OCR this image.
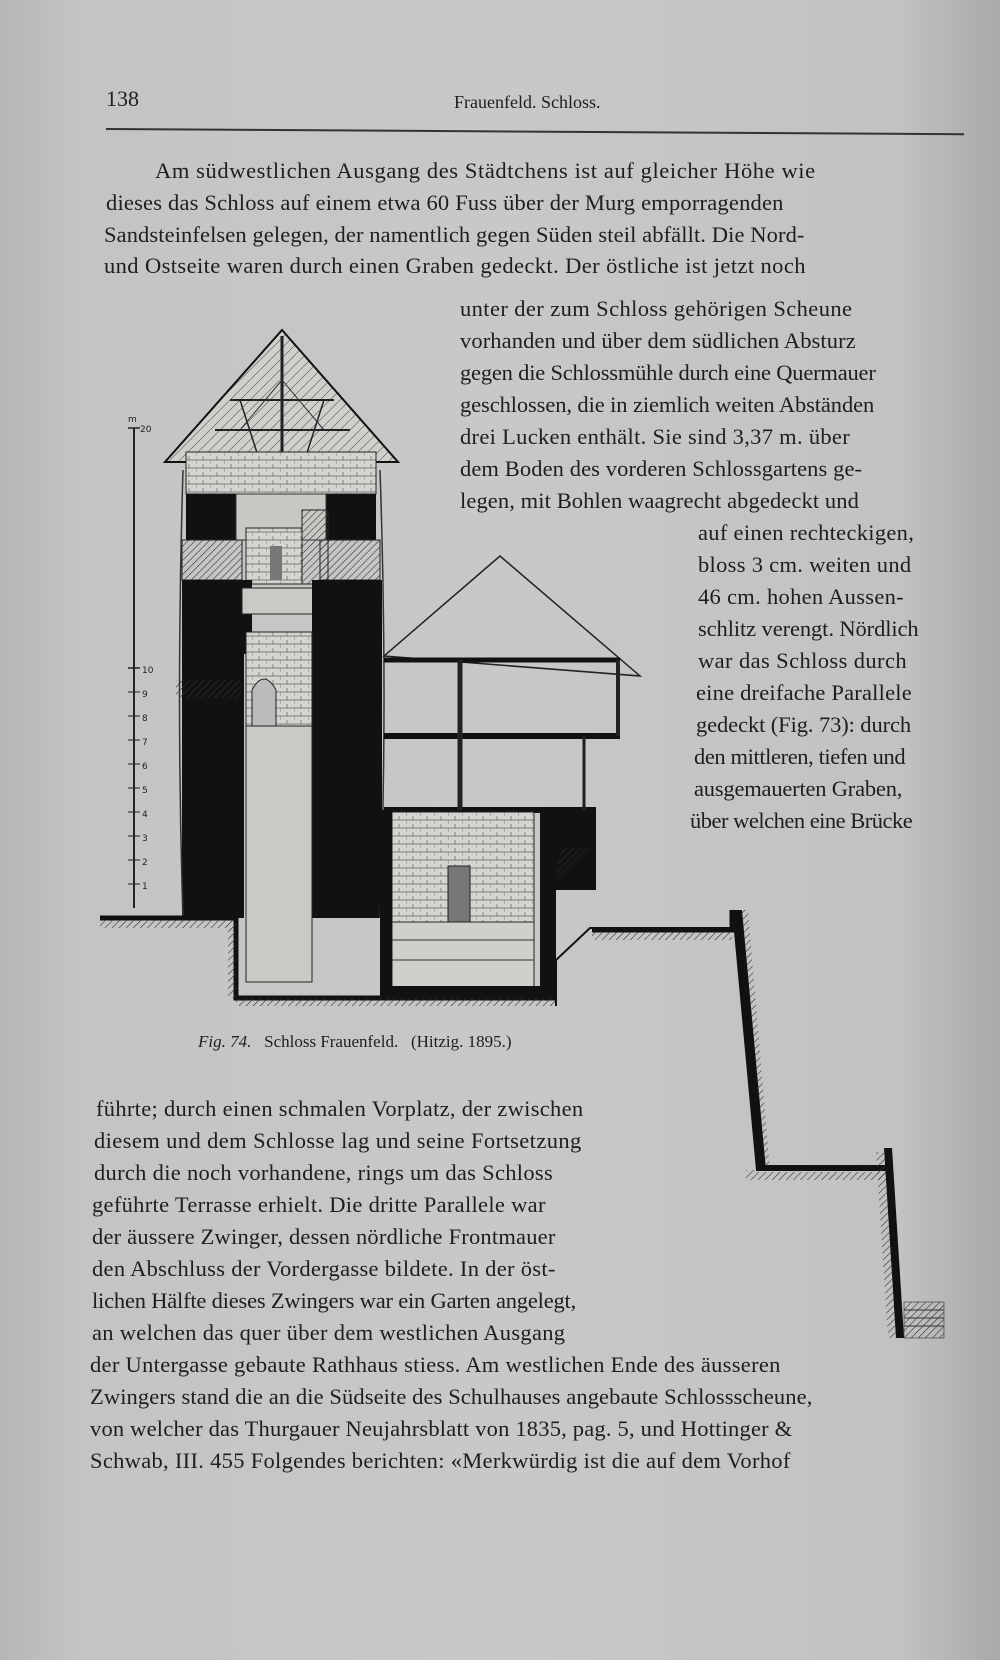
138	Frauenfeld. Schloss.
Am südwestlichen Ausgang des Städtchens ist auf gleicher Höhe wie
dieses das Schloss auf einem etwa 60 Fuss über der Murg emporragenden
Sandsteinfelsen gelegen, der namentlich gegen Süden steil abfällt. Die Nord-
und Ostseite waren durch einen Graben gedeckt. Der östliche ist jetzt noch
unter der zum Schloss gehörigen Scheune
vorhanden und über dem südlichen Absturz
gegen die Schlossmühle durch eine Quermauer
geschlossen, die in ziemlich weiten Abständen
drei Lucken enthält. Sie sind 3,37 m. über
dem Boden des vorderen Schlossgartens ge-
legen, mit Bohlen waagrecht abgedeckt und
auf einen rechteckigen,
bloss 3 cm. weiten und
46 cm. hohen Aussen-
schlitz verengt. Nördlich
war das Schloss durch
eine dreifache Parallele
gedeckt (Fig. 73): durch
den mittleren, tiefen und
ausgemauerten Graben,
über welchen eine Brücke
führte; durch einen schmalen Vorplatz, der zwischen
diesem und dem Schlosse lag und seine Fortsetzung
durch die noch vorhandene, rings um das Schloss
geführte Terrasse erhielt. Die dritte Parallele war
der äussere Zwinger, dessen nördliche Frontmauer
den Abschluss der Vordergasse bildete. In der öst-
lichen Hälfte dieses Zwingers war ein Garten angelegt,
an welchen das quer über dem westlichen Ausgang
der Untergasse gebaute Rathhaus stiess. Am westlichen Ende des äusseren
Zwingers stand die an die Südseite des Schulhauses angebaute Schlossscheune,
von welcher das Thurgauer Neujahrsblatt von 1835, pag. 5, und Hottinger &
Schwab, III. 455 Folgendes berichten: «Merkwürdig ist die auf dem Vorhof
Fig. 74. Schloss Frauenfeld. (Hitzig. 1895.)
m
20
10
9
8
7
6
5
4
3
2
1
